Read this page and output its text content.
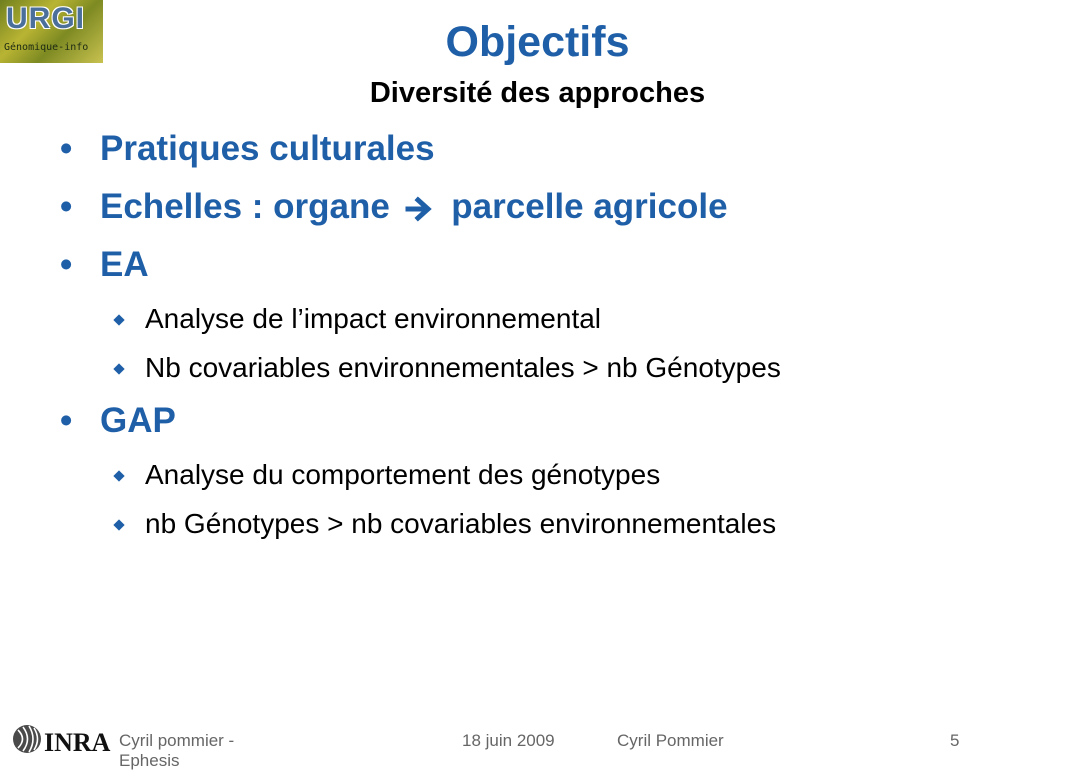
URGI
Génomique-info	Objectifs
Diversité des approches
• Pratiques culturales
• Echelles : organe parcelle agricole
• EA
Analyse de l’impact environnemental
Nb covariables environnementales > nb Génotypes
• GAP
Analyse du comportement des génotypes
nb Génotypes > nb covariables environnementales
INRA Cyril pommier -
Ephesis
18 juin 2009	Cyril Pommier	5
